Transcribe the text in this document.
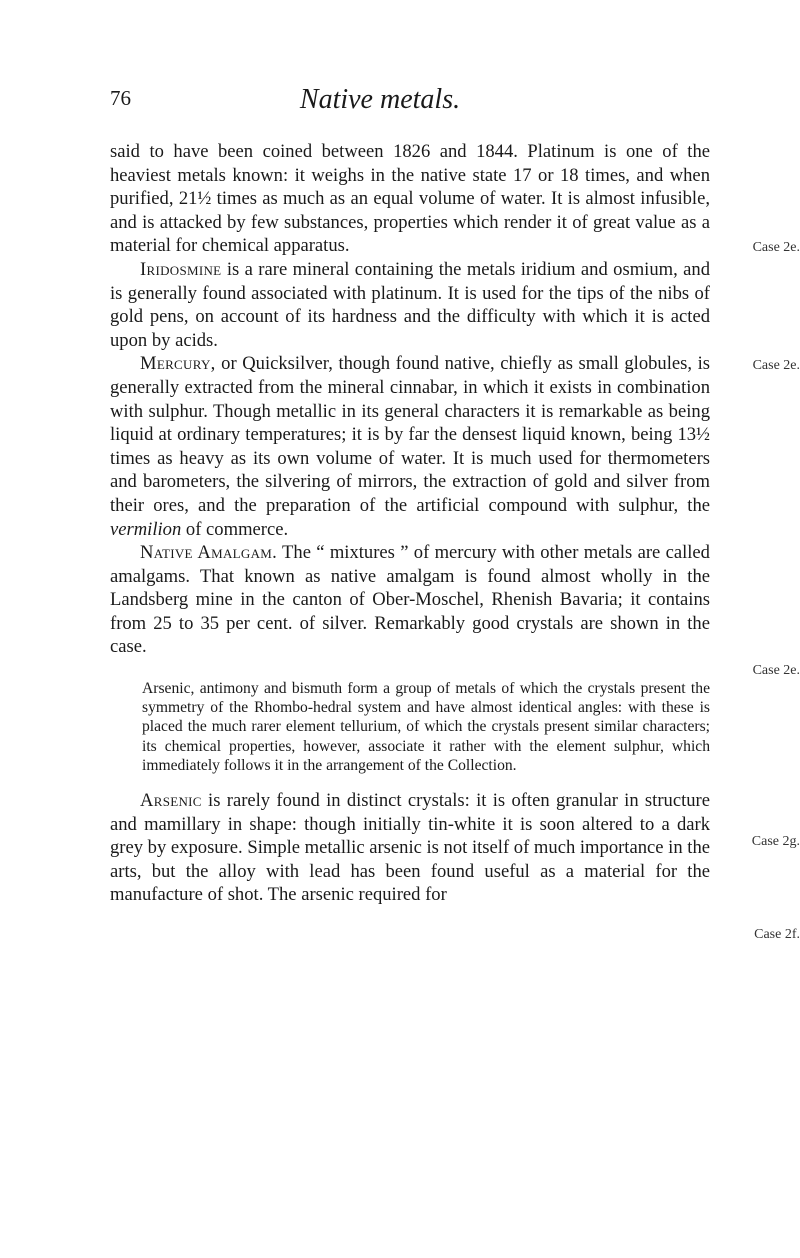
76	Native metals.
Case 2e.
Case 2e.
Case 2e.
Case 2g.
Case 2f.

said to have been coined between 1826 and 1844. Platinum is one of the heaviest metals known: it weighs in the native state 17 or 18 times, and when purified, 21½ times as much as an equal volume of water. It is almost infusible, and is attacked by few substances, properties which render it of great value as a material for chemical apparatus.

Iridosmine is a rare mineral containing the metals iridium and osmium, and is generally found associated with platinum. It is used for the tips of the nibs of gold pens, on account of its hardness and the difficulty with which it is acted upon by acids.

Mercury, or Quicksilver, though found native, chiefly as small globules, is generally extracted from the mineral cinnabar, in which it exists in combination with sulphur. Though metallic in its general characters it is remarkable as being liquid at ordinary temperatures; it is by far the densest liquid known, being 13½ times as heavy as its own volume of water. It is much used for thermometers and barometers, the silvering of mirrors, the extraction of gold and silver from their ores, and the preparation of the artificial compound with sulphur, the vermilion of commerce.

Native Amalgam. The “ mixtures ” of mercury with other metals are called amalgams. That known as native amalgam is found almost wholly in the Landsberg mine in the canton of Ober-Moschel, Rhenish Bavaria; it contains from 25 to 35 per cent. of silver. Remarkably good crystals are shown in the case.

Arsenic, antimony and bismuth form a group of metals of which the crystals present the symmetry of the Rhombo-hedral system and have almost identical angles: with these is placed the much rarer element tellurium, of which the crystals present similar characters; its chemical properties, however, associate it rather with the element sulphur, which immediately follows it in the arrangement of the Collection.

Arsenic is rarely found in distinct crystals: it is often granular in structure and mamillary in shape: though initially tin-white it is soon altered to a dark grey by exposure. Simple metallic arsenic is not itself of much importance in the arts, but the alloy with lead has been found useful as a material for the manufacture of shot. The arsenic required for
